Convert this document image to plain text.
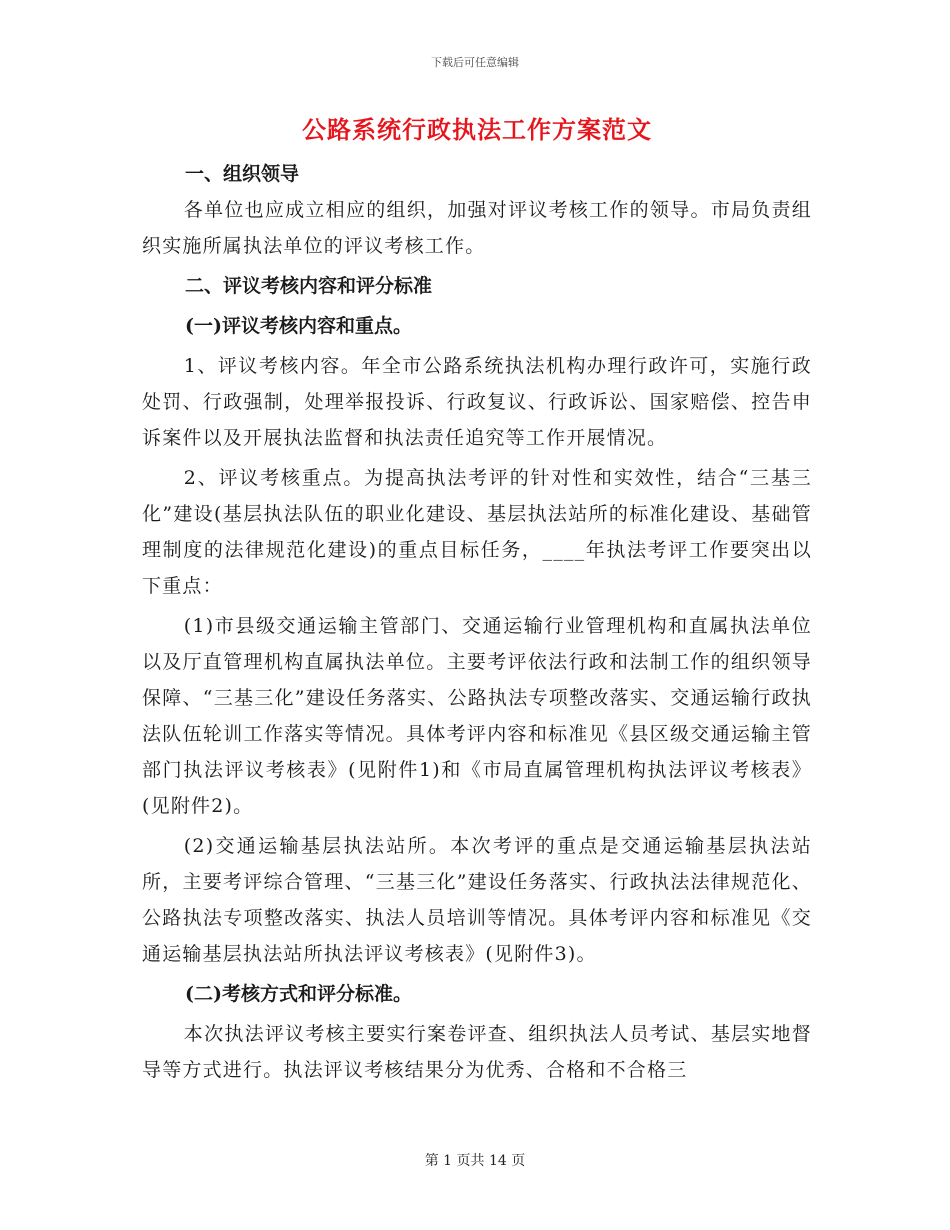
下载后可任意编辑
公路系统行政执法工作方案范文
一、组织领导

各单位也应成立相应的组织，加强对评议考核工作的领导。市局负责组织实施所属执法单位的评议考核工作。

二、评议考核内容和评分标准
(一)评议考核内容和重点。

1、评议考核内容。年全市公路系统执法机构办理行政许可，实施行政处罚、行政强制，处理举报投诉、行政复议、行政诉讼、国家赔偿、控告申诉案件以及开展执法监督和执法责任追究等工作开展情况。

2、评议考核重点。为提高执法考评的针对性和实效性，结合“三基三化”建设(基层执法队伍的职业化建设、基层执法站所的标准化建设、基础管理制度的法律规范化建设)的重点目标任务，____年执法考评工作要突出以下重点：

(1)市县级交通运输主管部门、交通运输行业管理机构和直属执法单位以及厅直管理机构直属执法单位。主要考评依法行政和法制工作的组织领导保障、“三基三化”建设任务落实、公路执法专项整改落实、交通运输行政执法队伍轮训工作落实等情况。具体考评内容和标准见《县区级交通运输主管部门执法评议考核表》(见附件1)和《市局直属管理机构执法评议考核表》(见附件2)。

(2)交通运输基层执法站所。本次考评的重点是交通运输基层执法站所，主要考评综合管理、“三基三化”建设任务落实、行政执法法律规范化、公路执法专项整改落实、执法人员培训等情况。具体考评内容和标准见《交通运输基层执法站所执法评议考核表》(见附件3)。

(二)考核方式和评分标准。

本次执法评议考核主要实行案卷评查、组织执法人员考试、基层实地督导等方式进行。执法评议考核结果分为优秀、合格和不合格三

第 1 页共 14 页
